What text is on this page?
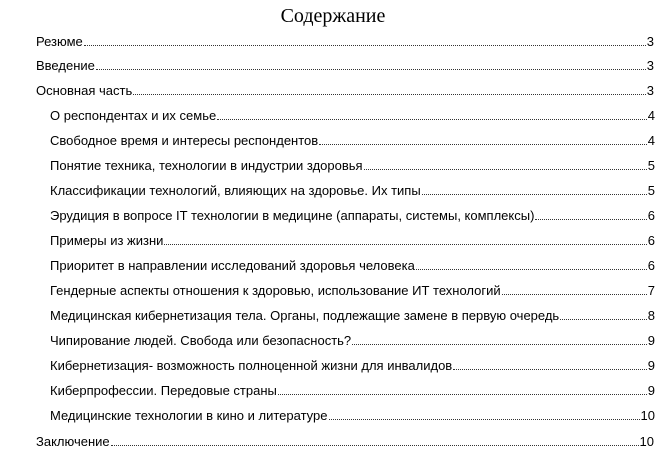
Содержание
Резюме	3
Введение	3
Основная часть	3
О респондентах и их семье	4
Свободное время и интересы респондентов	4
Понятие техника, технологии в индустрии здоровья	5
Классификации технологий, влияющих на здоровье. Их типы	5
Эрудиция в вопросе IT технологии в медицине (аппараты, системы, комплексы)	6
Примеры из жизни	6
Приоритет в направлении исследований здоровья человека	6
Гендерные аспекты отношения к здоровью, использование ИТ технологий	7
Медицинская кибернетизация тела. Органы, подлежащие замене в первую очередь	8
Чипирование людей. Свобода или безопасность?	9
Кибернетизация- возможность полноценной жизни для инвалидов	9
Киберпрофессии. Передовые страны	9
Медицинские технологии в кино и литературе	10
Заключение	10
